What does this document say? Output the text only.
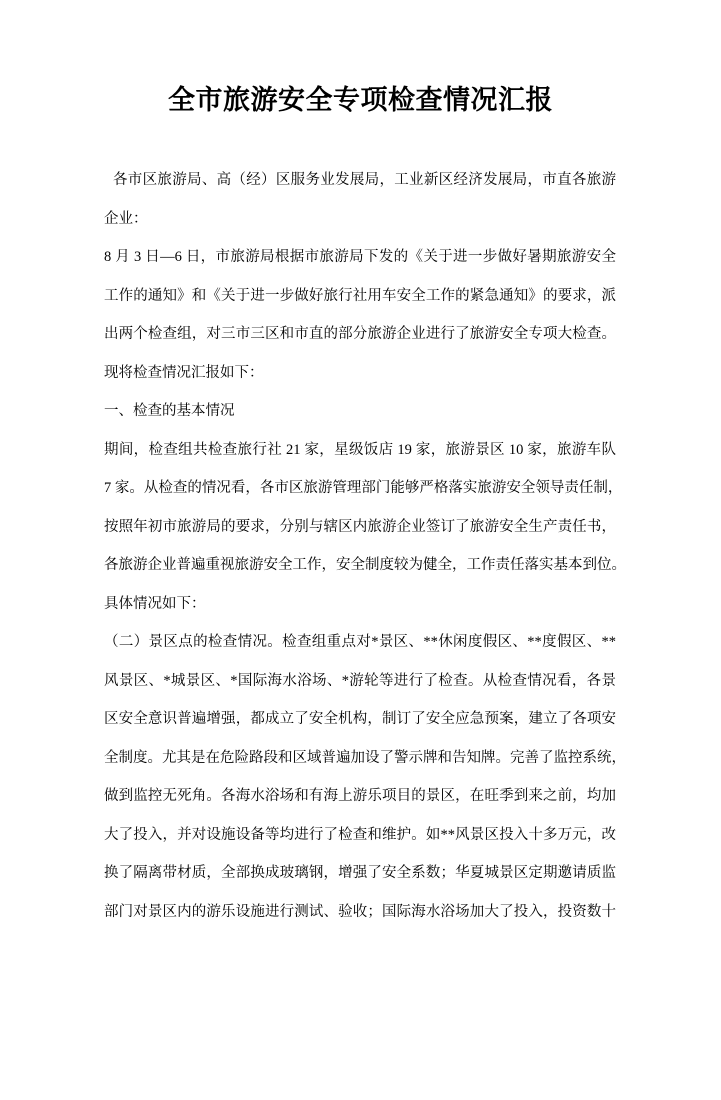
全市旅游安全专项检查情况汇报
各市区旅游局、高（经）区服务业发展局，工业新区经济发展局，市直各旅游
企业：
8 月 3 日—6 日，市旅游局根据市旅游局下发的《关于进一步做好暑期旅游安全
工作的通知》和《关于进一步做好旅行社用车安全工作的紧急通知》的要求，派
出两个检查组，对三市三区和市直的部分旅游企业进行了旅游安全专项大检查。
现将检查情况汇报如下：
一、检查的基本情况
期间，检查组共检查旅行社 21 家，星级饭店 19 家，旅游景区 10 家，旅游车队
7 家。从检查的情况看，各市区旅游管理部门能够严格落实旅游安全领导责任制，
按照年初市旅游局的要求，分别与辖区内旅游企业签订了旅游安全生产责任书，
各旅游企业普遍重视旅游安全工作，安全制度较为健全，工作责任落实基本到位。
具体情况如下：
（二）景区点的检查情况。检查组重点对*景区、**休闲度假区、**度假区、**
风景区、*城景区、*国际海水浴场、*游轮等进行了检查。从检查情况看，各景
区安全意识普遍增强，都成立了安全机构，制订了安全应急预案，建立了各项安
全制度。尤其是在危险路段和区域普遍加设了警示牌和告知牌。完善了监控系统，
做到监控无死角。各海水浴场和有海上游乐项目的景区，在旺季到来之前，均加
大了投入，并对设施设备等均进行了检查和维护。如**风景区投入十多万元，改
换了隔离带材质，全部换成玻璃钢，增强了安全系数；华夏城景区定期邀请质监
部门对景区内的游乐设施进行测试、验收；国际海水浴场加大了投入，投资数十
